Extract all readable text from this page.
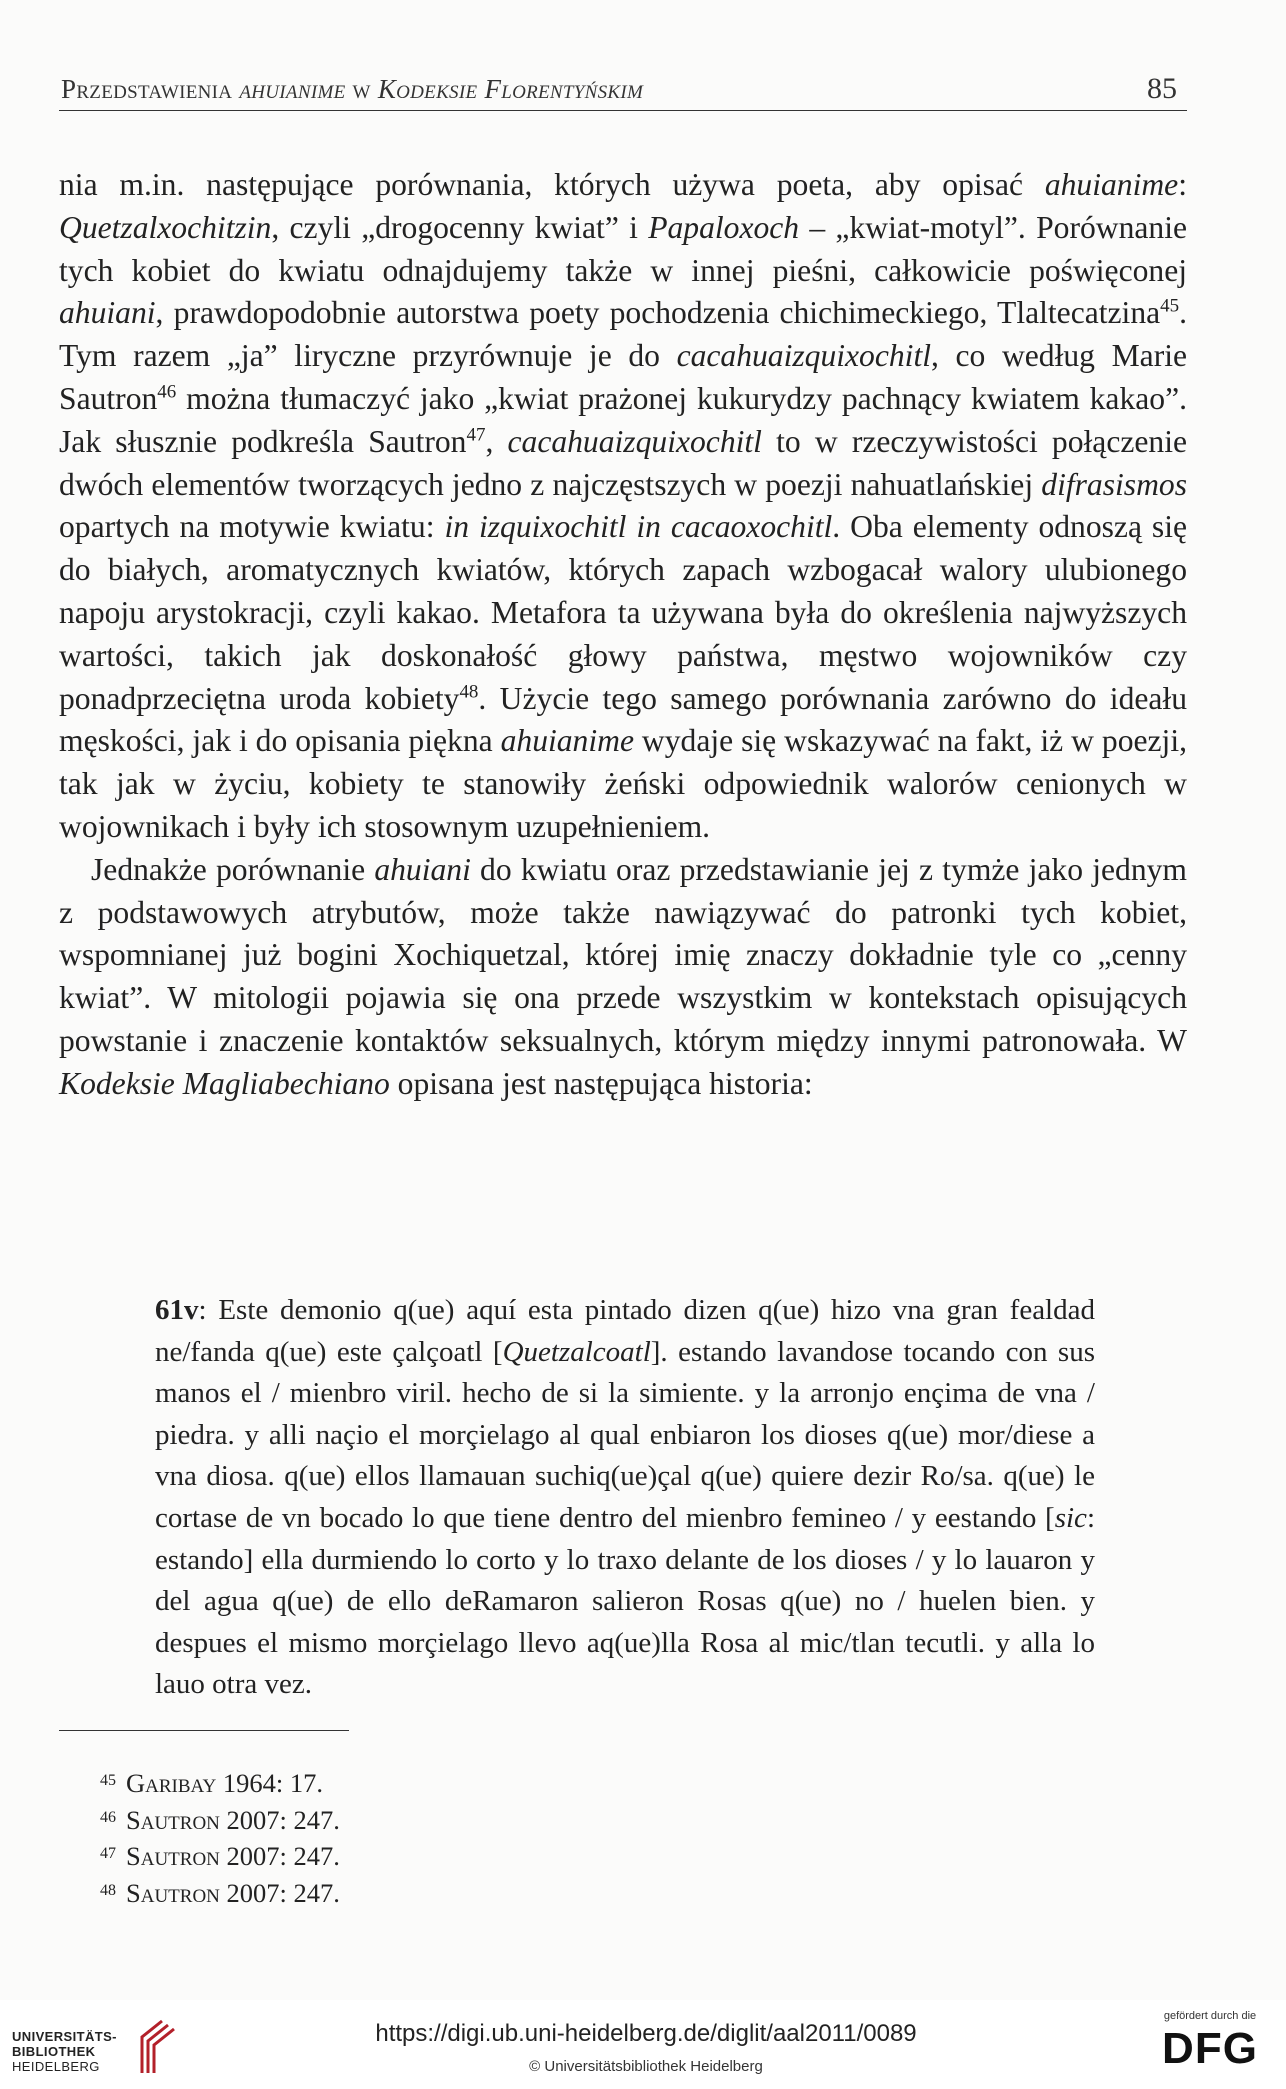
Przedstawienia ahuianime w Kodeksie Florentyńskim	85

nia m.in. następujące porównania, których używa poeta, aby opisać ahuianime: Quetzalxochitzin, czyli „drogocenny kwiat” i Papaloxoch – „kwiat-motyl”. Porównanie tych kobiet do kwiatu odnajdujemy także w innej pieśni, całkowicie poświęconej ahuiani, prawdopodobnie autorstwa poety pochodzenia chichimeckiego, Tlaltecatzina$^{45}$. Tym razem „ja” liryczne przyrównuje je do cacahuaizquixochitl, co według Marie Sautron$^{46}$ można tłumaczyć jako „kwiat prażonej kukurydzy pachnący kwiatem kakao”. Jak słusznie podkreśla Sautron$^{47}$, cacahuaizquixochitl to w rzeczywistości połączenie dwóch elementów tworzących jedno z najczęstszych w poezji nahuatlańskiej difrasismos opartych na motywie kwiatu: in izquixochitl in cacaoxochitl. Oba elementy odnoszą się do białych, aromatycznych kwiatów, których zapach wzbogacał walory ulubionego napoju arystokracji, czyli kakao. Metafora ta używana była do określenia najwyższych wartości, takich jak doskonałość głowy państwa, męstwo wojowników czy ponadprzeciętna uroda kobiety$^{48}$. Użycie tego samego porównania zarówno do ideału męskości, jak i do opisania piękna ahuianime wydaje się wskazywać na fakt, iż w poezji, tak jak w życiu, kobiety te stanowiły żeński odpowiednik walorów cenionych w wojownikach i były ich stosownym uzupełnieniem.

Jednakże porównanie ahuiani do kwiatu oraz przedstawianie jej z tymże jako jednym z podstawowych atrybutów, może także nawiązywać do patronki tych kobiet, wspomnianej już bogini Xochiquetzal, której imię znaczy dokładnie tyle co „cenny kwiat”. W mitologii pojawia się ona przede wszystkim w kontekstach opisujących powstanie i znaczenie kontaktów seksualnych, którym między innymi patronowała. W Kodeksie Magliabechiano opisana jest następująca historia:

61v: Este demonio q(ue) aquí esta pintado dizen q(ue) hizo vna gran fealdad ne/fanda q(ue) este çalçoatl [Quetzalcoatl]. estando lavandose tocando con sus manos el / mienbro viril. hecho de si la simiente. y la arronjo ençima de vna / piedra. y alli naçio el morçielago al qual enbiaron los dioses q(ue) mor/diese a vna diosa. q(ue) ellos llamauan suchiq(ue)çal q(ue) quiere dezir Ro/sa. q(ue) le cortase de vn bocado lo que tiene dentro del mienbro femineo / y eestando [sic: estando] ella durmiendo lo corto y lo traxo delante de los dioses / y lo lauaron y del agua q(ue) de ello deRamaron salieron Rosas q(ue) no / huelen bien. y despues el mismo morçielago llevo aq(ue)lla Rosa al mic/tlan tecutli. y alla lo lauo otra vez.
$^{45}$ Garibay 1964: 17.
$^{46}$ Sautron 2007: 247.
$^{47}$ Sautron 2007: 247.
$^{48}$ Sautron 2007: 247.
UNIVERSITÄTS-
BIBLIOTHEK
HEIDELBERG
https://digi.ub.uni-heidelberg.de/diglit/aal2011/0089
© Universitätsbibliothek Heidelberg
gefördert durch die
DFG
